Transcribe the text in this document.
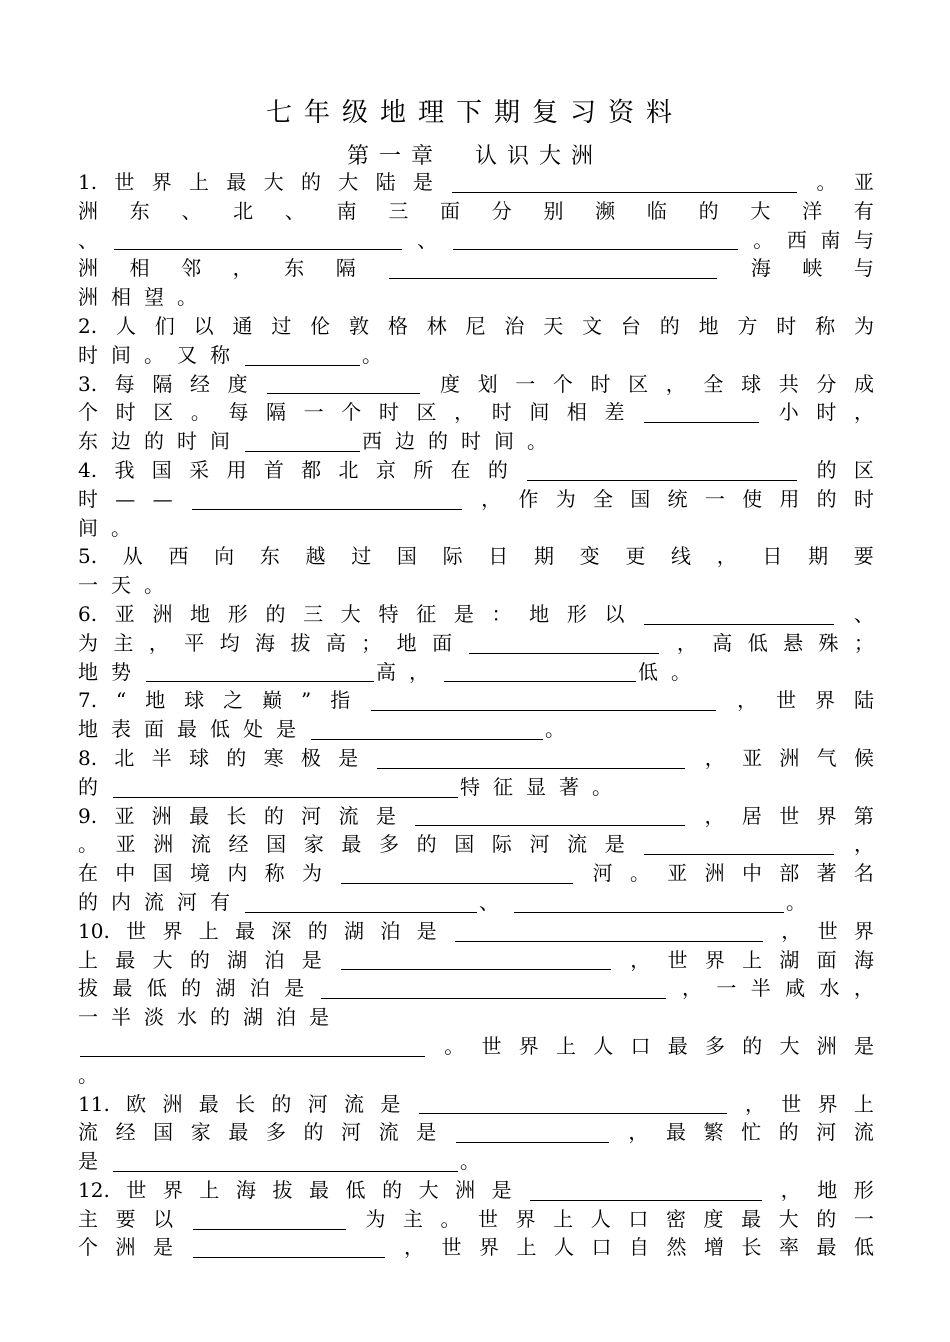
七年级地理下期复习资料
第一章　认识大洲
1. 世 界 上 最 大 的 大 陆 是	。 亚
洲 东 、 北 、 南 三 面 分 别 濒 临 的 大 洋 有
、	、	。 西 南 与
洲 相 邻 ， 东 隔	海 峡 与
洲 相 望 。
2. 人 们 以 通 过 伦 敦 格 林 尼 治 天 文 台 的 地 方 时 称 为
时 间 。 又 称	。
3. 每 隔 经 度	度 划 一 个 时 区 ， 全 球 共 分 成
个 时 区 。 每 隔 一 个 时 区 ， 时 间 相 差	小 时 ，
东 边 的 时 间	西 边 的 时 间 。
4. 我 国 采 用 首 都 北 京 所 在 的	的 区
时 — —	， 作 为 全 国 统 一 使 用 的 时
间 。
5. 从 西 向 东 越 过 国 际 日 期 变 更 线 ， 日 期 要
一 天 。
6. 亚 洲 地 形 的 三 大 特 征 是 ： 地 形 以	、
为 主 ， 平 均 海 拔 高 ； 地 面	， 高 低 悬 殊 ；
地 势	高 ，	低 。
7. “ 地 球 之 巅 ” 指	， 世 界 陆
地 表 面 最 低 处 是	。
8. 北 半 球 的 寒 极 是	， 亚 洲 气 候
的	特 征 显 著 。
9. 亚 洲 最 长 的 河 流 是	， 居 世 界 第
。 亚 洲 流 经 国 家 最 多 的 国 际 河 流 是	，
在 中 国 境 内 称 为	河 。 亚 洲 中 部 著 名
的 内 流 河 有	、	。
10. 世 界 上 最 深 的 湖 泊 是	， 世 界
上 最 大 的 湖 泊 是	， 世 界 上 湖 面 海
拔 最 低 的 湖 泊 是	， 一 半 咸 水 ，
一 半 淡 水 的 湖 泊 是
。 世 界 上 人 口 最 多 的 大 洲 是
。
11. 欧 洲 最 长 的 河 流 是	， 世 界 上
流 经 国 家 最 多 的 河 流 是	， 最 繁 忙 的 河 流
是	。
12. 世 界 上 海 拔 最 低 的 大 洲 是	， 地 形
主 要 以	为 主 。 世 界 上 人 口 密 度 最 大 的 一
个 洲 是	， 世 界 上 人 口 自 然 增 长 率 最 低
